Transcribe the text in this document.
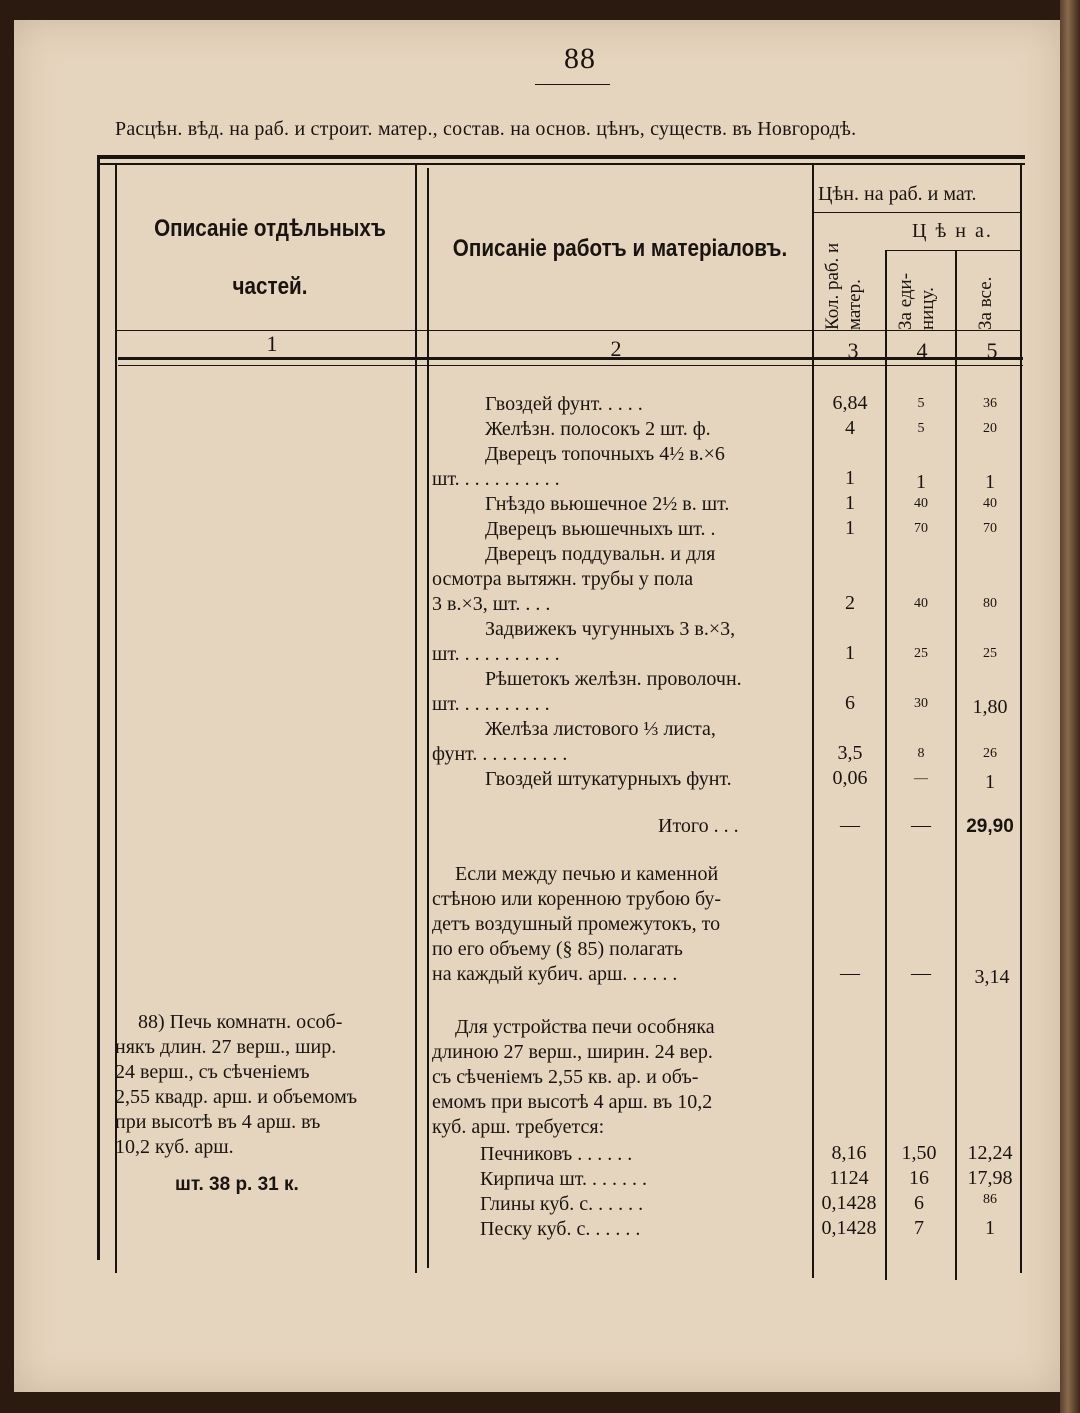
88
Расцѣн. вѣд. на раб. и строит. матер., состав. на основ. цѣнъ, существ. въ Новгородѣ.
Описанiе отдѣльныхъ частей.
Описанiе работъ и матерiаловъ.
Цѣн. на раб. и мат.
Ц ѣ н а.
Кол. раб. и матер.	За еди- ницу.	За все.
1	2	3	4	5
Гвоздей фунт. . . . .	6,84	5	36
Желѣзн. полосокъ 2 шт. ф.	4	5	20
Дверецъ топочныхъ 4½ в.×6
шт. . . . . . . . . . .	1	1	1
Гнѣздо вьюшечное 2½ в. шт.	1	40	40
Дверецъ вьюшечныхъ шт. .	1	70	70
Дверецъ поддувальн. и для
осмотра вытяжн. трубы у пола
3 в.×3, шт. . . .	2	40	80
Задвижекъ чугунныхъ 3 в.×3,
шт. . . . . . . . . . .	1	25	25
Рѣшетокъ желѣзн. проволочн.
шт. . . . . . . . . .	6	30	1,80
Желѣза листового ⅓ листа,
фунт. . . . . . . . . .	3,5	8	26
Гвоздей штукатурныхъ фунт.	0,06	—	1
Итого . . .	—	—	29,90
Если между печью и каменной
стѣною или коренною трубою бу-
детъ воздушный промежутокъ, то
по его объему (§ 85) полагать
на каждый кубич. арш. . . . . .	—	—	3,14
88) Печь комнатн. особ-
някъ длин. 27 верш., шир.
24 верш., съ сѣченiемъ
2,55 квадр. арш. и объемомъ
при высотѣ въ 4 арш. въ
10,2 куб. арш.
шт. 38 р. 31 к.
Для устройства печи особняка
длиною 27 верш., ширин. 24 вер.
съ сѣченiемъ 2,55 кв. ар. и объ-
емомъ при высотѣ 4 арш. въ 10,2
куб. арш. требуется:
Печниковъ . . . . . .	8,16	1,50	12,24
Кирпича шт. . . . . . .	1124	16	17,98
Глины куб. с. . . . . .	0,1428	6	86
Песку куб. с. . . . . .	0,1428	7	1
